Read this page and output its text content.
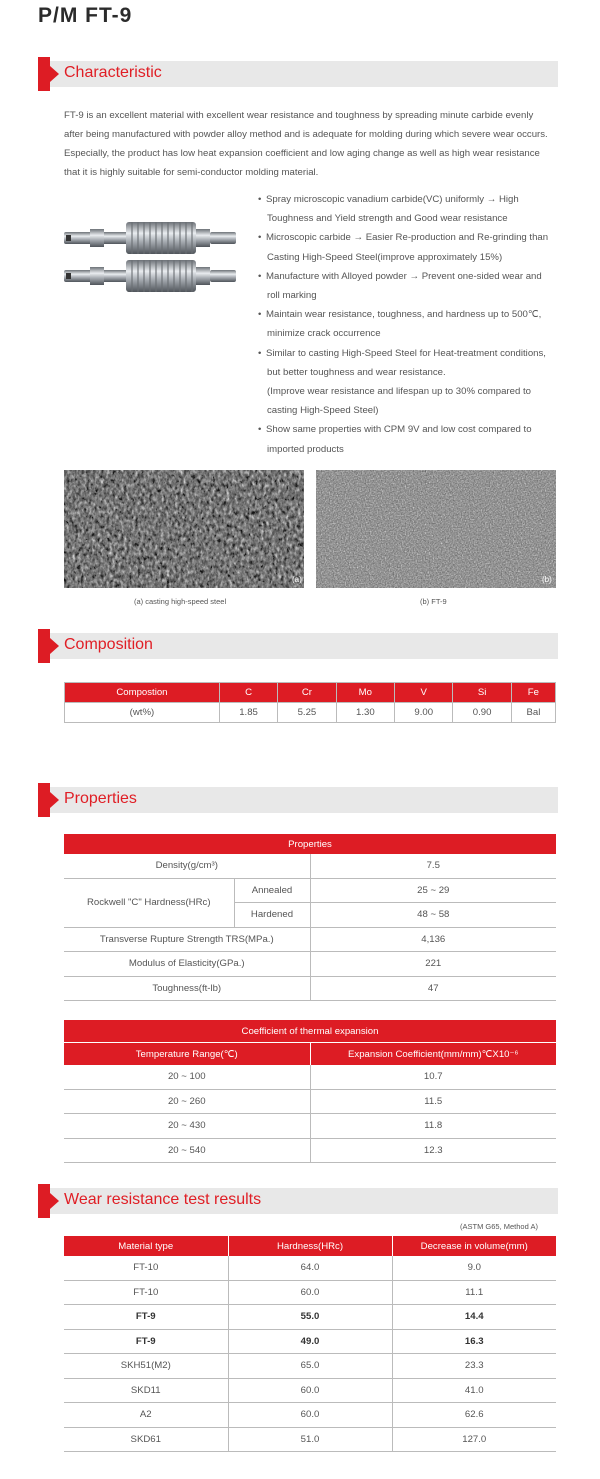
P/M FT-9
Characteristic
FT-9 is an excellent material with excellent wear resistance and toughness by spreading minute carbide evenly
after being manufactured with powder alloy method and is adequate for molding during which severe wear occurs.
Especially, the product has low heat expansion coefficient and low aging change as well as high wear resistance
that it is highly suitable for semi-conductor molding material.
• Spray microscopic vanadium carbide(VC) uniformly → High
Toughness and Yield strength and Good wear resistance
• Microscopic carbide → Easier Re-production and Re-grinding than
Casting High-Speed Steel(improve approximately 15%)
• Manufacture with Alloyed powder → Prevent one-sided wear and
roll marking
• Maintain wear resistance, toughness, and hardness up to 500℃,
minimize crack occurrence
• Similar to casting High-Speed Steel for Heat-treatment conditions,
but better toughness and wear resistance.
(Improve wear resistance and lifespan up to 30% compared to
casting High-Speed Steel)
• Show same properties with CPM 9V and low cost compared to
imported products
(a)	(b)
(a) casting high-speed steel	(b) FT-9
Composition
Compostion	C	Cr	Mo	V	Si	Fe
(wt%)	1.85	5.25	1.30	9.00	0.90	Bal
Properties
Properties		
Density(g/cm³)		7.5
Rockwell "C" Hardness(HRc)	Annealed	25 ~ 29
	Hardened	48 ~ 58
Transverse Rupture Strength TRS(MPa.)		4,136
Modulus of Elasticity(GPa.)		221
Toughness(ft-lb)		47
Coefficient of thermal expansion	
Temperature Range(℃)	Expansion Coefficient(mm/mm)℃X10⁻⁶
20 ~ 100	10.7
20 ~ 260	11.5
20 ~ 430	11.8
20 ~ 540	12.3
Wear resistance test results
(ASTM G65, Method A)
Material type	Hardness(HRc)	Decrease in volume(mm)
FT-10	64.0	9.0
FT-10	60.0	11.1
FT-9	55.0	14.4
FT-9	49.0	16.3
SKH51(M2)	65.0	23.3
SKD11	60.0	41.0
A2	60.0	62.6
SKD61	51.0	127.0
